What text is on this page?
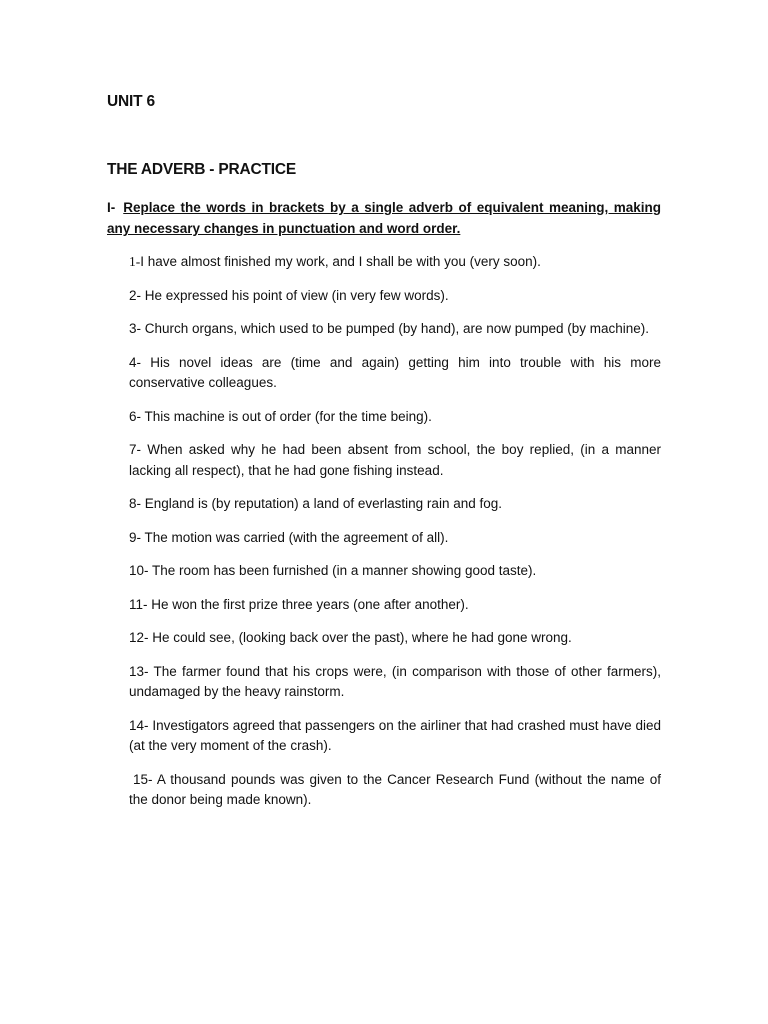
UNIT 6
THE ADVERB - PRACTICE
I- Replace the words in brackets by a single adverb of equivalent meaning, making any necessary changes in punctuation and word order.
1-I have almost finished my work, and I shall be with you (very soon).
2- He expressed his point of view (in very few words).
3- Church organs, which used to be pumped (by hand), are now pumped (by machine).
4- His novel ideas are (time and again) getting him into trouble with his more conservative colleagues.
6- This machine is out of order (for the time being).
7- When asked why he had been absent from school, the boy replied, (in a manner lacking all respect), that he had gone fishing instead.
8- England is (by reputation) a land of everlasting rain and fog.
9- The motion was carried (with the agreement of all).
10- The room has been furnished (in a manner showing good taste).
11- He won the first prize three years (one after another).
12- He could see, (looking back over the past), where he had gone wrong.
13- The farmer found that his crops were, (in comparison with those of other farmers), undamaged by the heavy rainstorm.
14- Investigators agreed that passengers on the airliner that had crashed must have died (at the very moment of the crash).
15- A thousand pounds was given to the Cancer Research Fund (without the name of the donor being made known).
